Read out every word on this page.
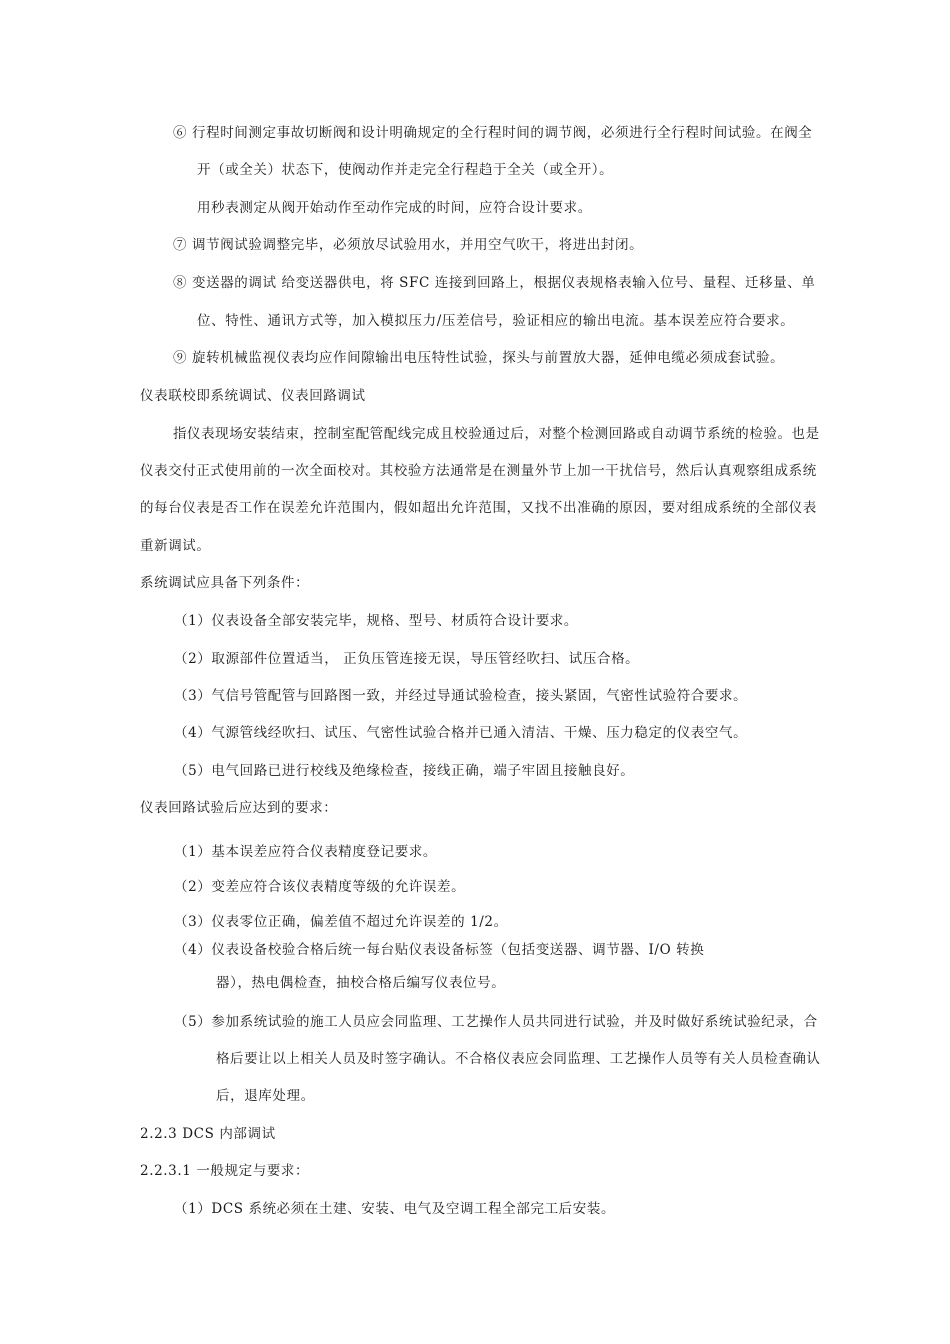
⑥ 行程时间测定事故切断阀和设计明确规定的全行程时间的调节阀，必须进行全行程时间试验。在阀全
开（或全关）状态下，使阀动作并走完全行程趋于全关（或全开）。
用秒表测定从阀开始动作至动作完成的时间，应符合设计要求。
⑦ 调节阀试验调整完毕，必须放尽试验用水，并用空气吹干，将进出封闭。
⑧ 变送器的调试 给变送器供电，将 SFC 连接到回路上，根据仪表规格表输入位号、量程、迁移量、单
位、特性、通讯方式等，加入模拟压力/压差信号，验证相应的输出电流。基本误差应符合要求。
⑨ 旋转机械监视仪表均应作间隙输出电压特性试验，探头与前置放大器，延伸电缆必须成套试验。
仪表联校即系统调试、仪表回路调试
指仪表现场安装结束，控制室配管配线完成且校验通过后，对整个检测回路或自动调节系统的检验。也是
仪表交付正式使用前的一次全面校对。其校验方法通常是在测量外节上加一干扰信号，然后认真观察组成系统
的每台仪表是否工作在误差允许范围内，假如超出允许范围，又找不出准确的原因，要对组成系统的全部仪表
重新调试。
系统调试应具备下列条件：
（1）仪表设备全部安装完毕，规格、型号、材质符合设计要求。
（2）取源部件位置适当， 正负压管连接无误，导压管经吹扫、试压合格。
（3）气信号管配管与回路图一致，并经过导通试验检查，接头紧固，气密性试验符合要求。
（4）气源管线经吹扫、试压、气密性试验合格并已通入清洁、干燥、压力稳定的仪表空气。
（5）电气回路已进行校线及绝缘检查，接线正确，端子牢固且接触良好。
仪表回路试验后应达到的要求：
（1）基本误差应符合仪表精度登记要求。
（2）变差应符合该仪表精度等级的允许误差。
（3）仪表零位正确，偏差值不超过允许误差的 1/2。
（4）仪表设备校验合格后统一每台贴仪表设备标签（包括变送器、调节器、I/O 转换
器），热电偶检查，抽校合格后编写仪表位号。
（5）参加系统试验的施工人员应会同监理、工艺操作人员共同进行试验，并及时做好系统试验纪录，合
格后要让以上相关人员及时签字确认。不合格仪表应会同监理、工艺操作人员等有关人员检查确认
后，退库处理。
2.2.3 DCS 内部调试
2.2.3.1 一般规定与要求：
（1）DCS 系统必须在土建、安装、电气及空调工程全部完工后安装。
